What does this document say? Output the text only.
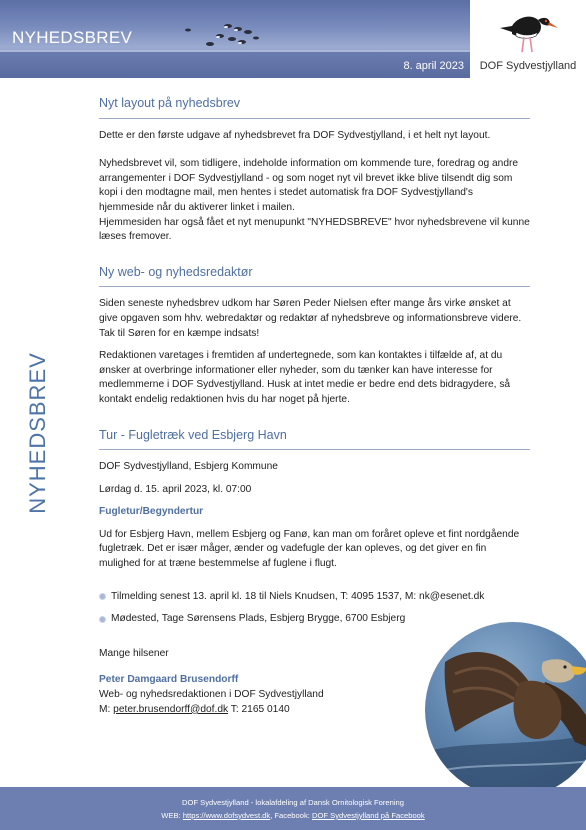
NYHEDSBREV
8. april 2023	DOF Sydvestjylland
NYHEDSBREV
Nyt layout på nyhedsbrev

Dette er den første udgave af nyhedsbrevet fra DOF Sydvestjylland, i et helt nyt layout.

Nyhedsbrevet vil, som tidligere, indeholde information om kommende ture, foredrag og andre arrangementer i DOF Sydvestjylland - og som noget nyt vil brevet ikke blive tilsendt dig som kopi i den modtagne mail, men hentes i stedet automatisk fra DOF Sydvestjylland's hjemmeside når du aktiverer linket i mailen.

Hjemmesiden har også fået et nyt menupunkt "NYHEDSBREVE" hvor nyhedsbrevene vil kunne læses fremover.

Ny web- og nyhedsredaktør

Siden seneste nyhedsbrev udkom har Søren Peder Nielsen efter mange års virke ønsket at give opgaven som hhv. webredaktør og redaktør af nyhedsbreve og informationsbreve videre. Tak til Søren for en kæmpe indsats!

Redaktionen varetages i fremtiden af undertegnede, som kan kontaktes i tilfælde af, at du ønsker at overbringe informationer eller nyheder, som du tænker kan have interesse for medlemmerne i DOF Sydvestjylland. Husk at intet medie er bedre end dets bidragydere, så kontakt endelig redaktionen hvis du har noget på hjerte.

Tur - Fugletræk ved Esbjerg Havn

DOF Sydvestjylland, Esbjerg Kommune

Lørdag d. 15. april 2023, kl. 07:00

Fugletur/Begyndertur

Ud for Esbjerg Havn, mellem Esbjerg og Fanø, kan man om foråret opleve et fint nordgående fugletræk. Det er især måger, ænder og vadefugle der kan opleves, og det giver en fin mulighed for at træne bestemmelse af fuglene i flugt.

Tilmelding senest 13. april kl. 18 til Niels Knudsen, T: 4095 1537, M: nk@esenet.dk
Mødested, Tage Sørensens Plads, Esbjerg Brygge, 6700 Esbjerg

Mange hilsener

Peter Damgaard Brusendorff
Web- og nyhedsredaktionen i DOF Sydvestjylland
M: peter.brusendorff@dof.dk T: 2165 0140
DOF Sydvestjylland - lokalafdeling af Dansk Ornitologisk Forening
WEB: https://www.dofsydvest.dk, Facebook: DOF Sydvestjylland på Facebook
